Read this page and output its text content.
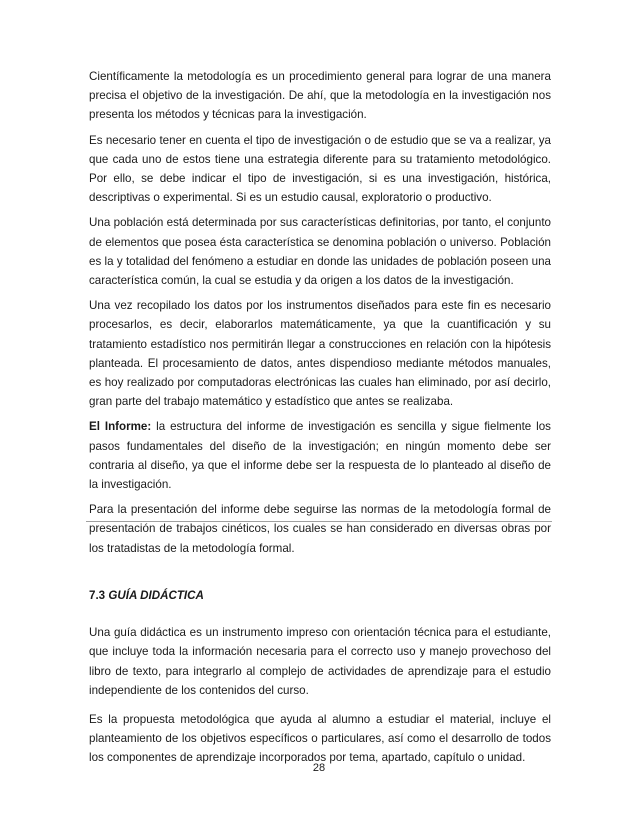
Científicamente la metodología es un procedimiento general para lograr de una manera precisa el objetivo de la investigación. De ahí, que la metodología en la investigación nos presenta los métodos y técnicas para la investigación.

Es necesario tener en cuenta el tipo de investigación o de estudio que se va a realizar, ya que cada uno de estos tiene una estrategia diferente para su tratamiento metodológico. Por ello, se debe indicar el tipo de investigación, si es una investigación, histórica, descriptivas o experimental. Si es un estudio causal, exploratorio o productivo.

Una población está determinada por sus características definitorias, por tanto, el conjunto de elementos que posea ésta característica se denomina población o universo. Población es la y totalidad del fenómeno a estudiar en donde las unidades de población poseen una característica común, la cual se estudia y da origen a los datos de la investigación.

Una vez recopilado los datos por los instrumentos diseñados para este fin es necesario procesarlos, es decir, elaborarlos matemáticamente, ya que la cuantificación y su tratamiento estadístico nos permitirán llegar a construcciones en relación con la hipótesis planteada. El procesamiento de datos, antes dispendioso mediante métodos manuales, es hoy realizado por computadoras electrónicas las cuales han eliminado, por así decirlo, gran parte del trabajo matemático y estadístico que antes se realizaba.

El Informe: la estructura del informe de investigación es sencilla y sigue fielmente los pasos fundamentales del diseño de la investigación; en ningún momento debe ser contraria al diseño, ya que el informe debe ser la respuesta de lo planteado al diseño de la investigación.

Para la presentación del informe debe seguirse las normas de la metodología formal de presentación de trabajos cinéticos, los cuales se han considerado en diversas obras por los tratadistas de la metodología formal.

7.3 GUÍA DIDÁCTICA

Una guía didáctica es un instrumento impreso con orientación técnica para el estudiante, que incluye toda la información necesaria para el correcto uso y manejo provechoso del libro de texto, para integrarlo al complejo de actividades de aprendizaje para el estudio independiente de los contenidos del curso.

Es la propuesta metodológica que ayuda al alumno a estudiar el material, incluye el planteamiento de los objetivos específicos o particulares, así como el desarrollo de todos los componentes de aprendizaje incorporados por tema, apartado, capítulo o unidad.

28
